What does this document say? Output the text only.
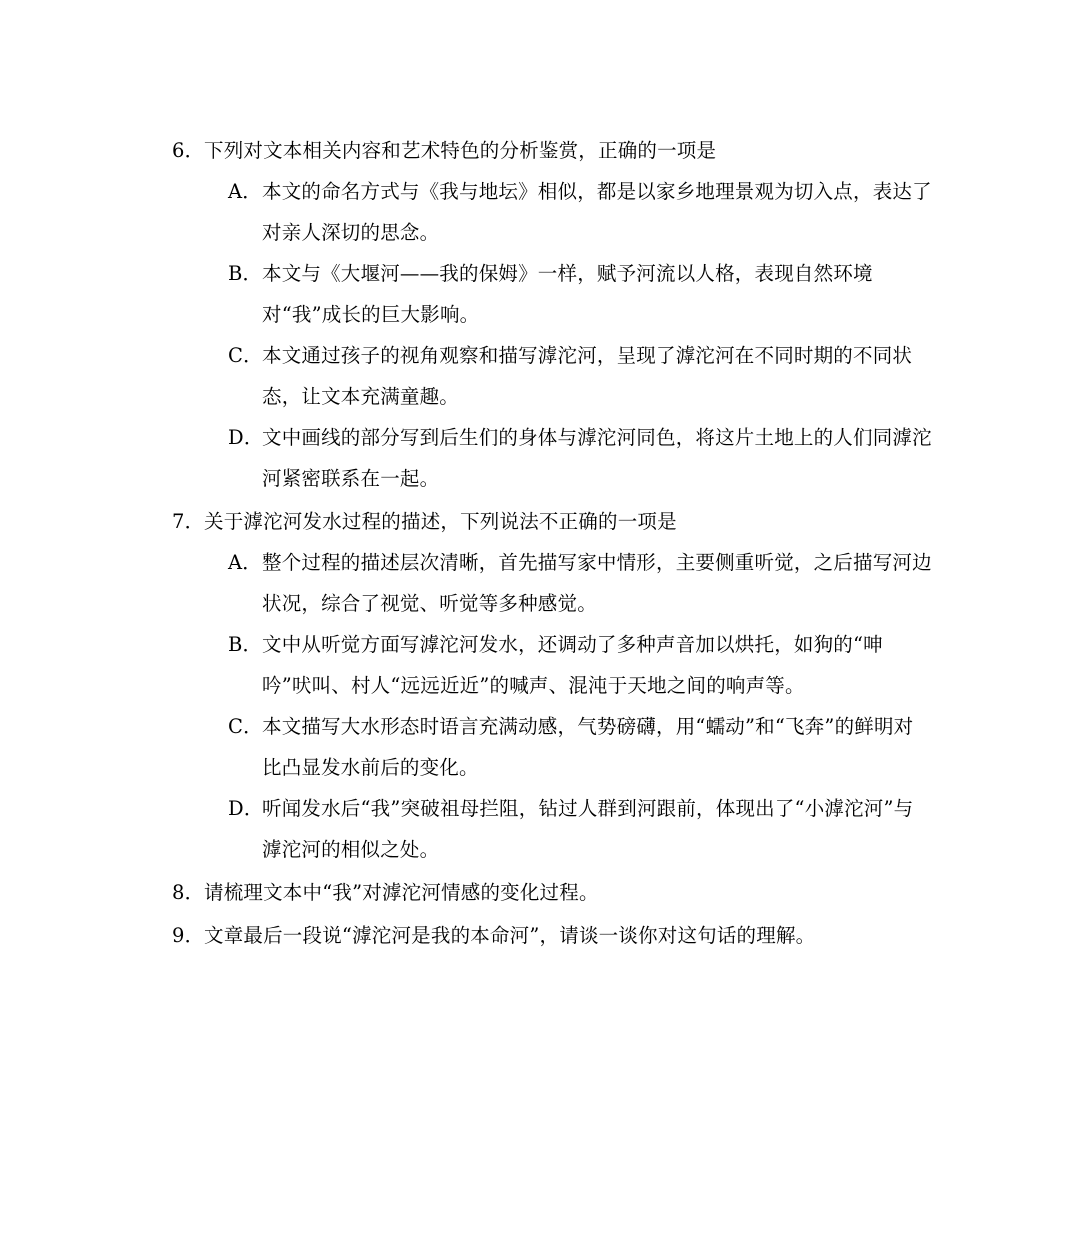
6． 下列对文本相关内容和艺术特色的分析鉴赏，正确的一项是
A． 本文的命名方式与《我与地坛》相似，都是以家乡地理景观为切入点，表达了对亲人深切的思念。
B． 本文与《大堰河——我的保姆》一样，赋予河流以人格，表现自然环境对“我”成长的巨大影响。
C． 本文通过孩子的视角观察和描写滹沱河，呈现了滹沱河在不同时期的不同状态，让文本充满童趣。
D．
文中画线的部分写到后生们的身体与滹沱河同色，将这片土地上的人们同滹沱河紧密联系在一起。
7． 关于滹沱河发水过程的描述，下列说法不正确的一项是
A． 整个过程的描述层次清晰，首先描写家中情形，主要侧重听觉，之后描写河边状况，综合了视觉、听觉等多种感觉。
B． 文中从听觉方面写滹沱河发水，还调动了多种声音加以烘托，如狗的“呻吟”吠叫、村人“远远近近”的喊声、混沌于天地之间的响声等。
C． 本文描写大水形态时语言充满动感，气势磅礴，用“蠕动”和“飞奔”的鲜明对比凸显发水前后的变化。
D．
听闻发水后“我”突破祖母拦阻，钻过人群到河跟前，体现出了“小滹沱河”与滹沱河的相似之处。
8． 请梳理文本中“我”对滹沱河情感的变化过程。
9． 文章最后一段说“滹沱河是我的本命河”，请谈一谈你对这句话的理解。
